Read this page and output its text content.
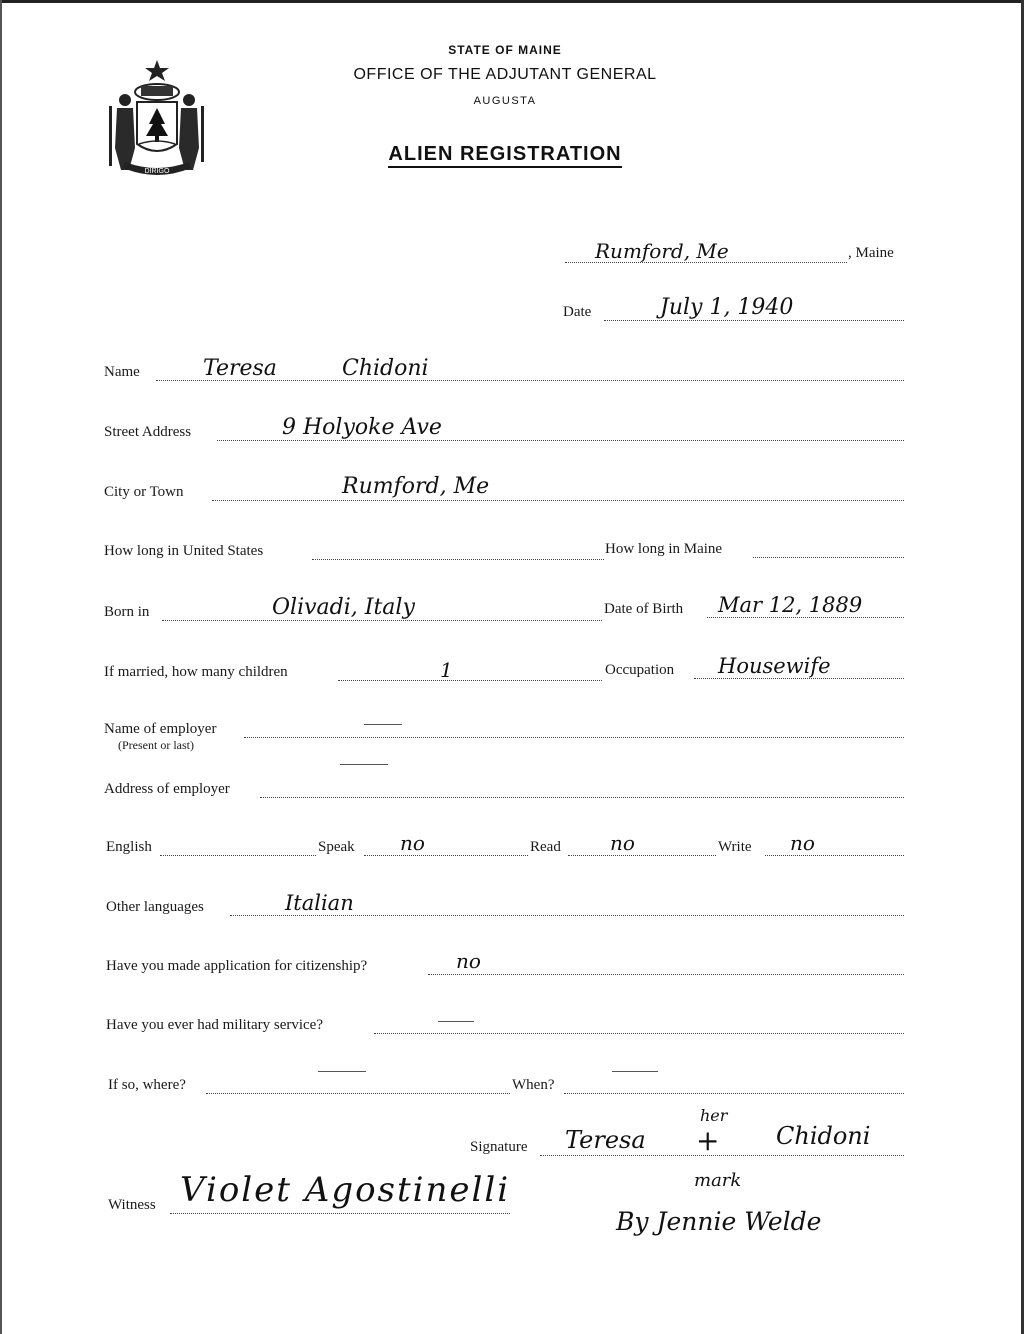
DIRIGO
STATE OF MAINE
OFFICE OF THE ADJUTANT GENERAL
AUGUSTA
ALIEN REGISTRATION
Rumford, Me	, Maine
Date	July 1, 1940
Name	Teresa	Chidoni
Street Address	9 Holyoke Ave
City or Town	Rumford, Me
How long in United States	How long in Maine
Born in	Olivadi, Italy	Date of Birth Mar 12, 1889
If married, how many children	1	Occupation Housewife
Name of employer
(Present or last)
Address of employer
English	Speak no	Read no	Write no
Other languages	Italian
Have you made application for citizenship?	no
Have you ever had military service?
If so, where?	When?
Signature Teresa
her
+ Chidoni
mark
By Jennie Welde
Witness Violet Agostinelli
